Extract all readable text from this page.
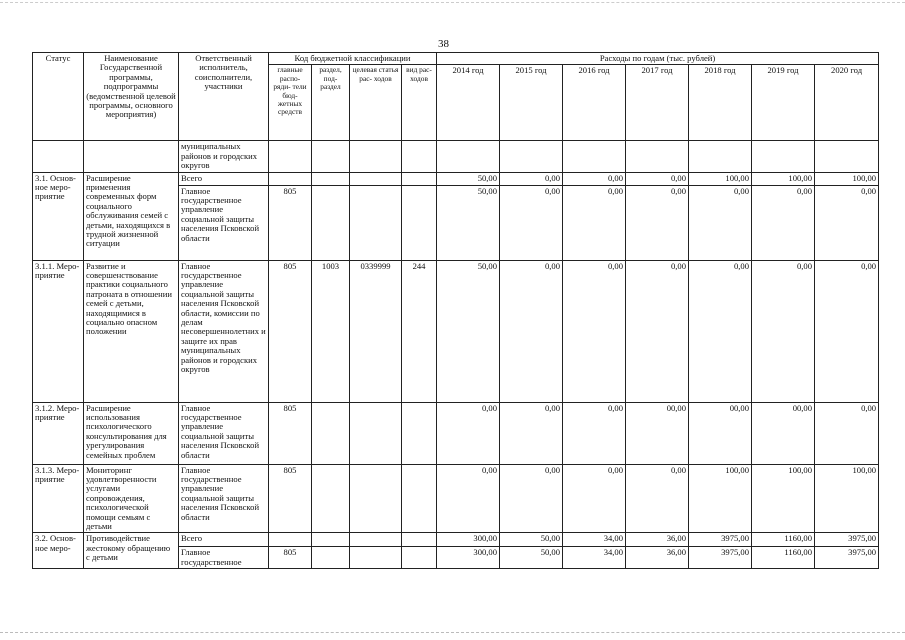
38
Статус	Наименование Государственной программы, подпрограммы (ведомственной целевой программы, основного мероприятия)	Ответственный исполнитель, соисполнители, участники	Код бюджетной классификации				Расходы по годам (тыс. рублей)						
			главные распо- ряди- тели бюд- жетных средств	раздел, под- раздел	целевая статья рас- ходов	вид рас- ходов	2014 год	2015 год	2016 год	2017 год	2018 год	2019 год	2020 год
		муниципальных районов и городских округов											
3.1. Основ- ное меро- приятие	Расширение применения современных форм социального обслуживания семей с детьми, находящихся в трудной жизненной ситуации	Всего					50,00	0,00	0,00	0,00	100,00	100,00	100,00
		Главное государственное управление социальной защиты населения Псковской области	805				50,00	0,00	0,00	0,00	0,00	0,00	0,00
3.1.1. Меро- приятие	Развитие и совершенствование практики социального патроната в отношении семей с детьми, находящимися в социально опасном положении	Главное государственное управление социальной защиты населения Псковской области, комиссии по делам несовершеннолетних и защите их прав муниципальных районов и городских округов	805	1003	0339999	244	50,00	0,00	0,00	0,00	0,00	0,00	0,00
3.1.2. Меро- приятие	Расширение использования психологического консультирования для урегулирования семейных проблем	Главное государственное управление социальной защиты населения Псковской области	805				0,00	0,00	0,00	00,00	00,00	00,00	0,00
3.1.3. Меро- приятие	Мониторинг удовлетворенности услугами сопровождения, психологической помощи семьям с детьми	Главное государственное управление социальной защиты населения Псковской области	805				0,00	0,00	0,00	0,00	100,00	100,00	100,00
3.2. Основ- ное меро-	Противодействие жестокому обращению с детьми	Всего					300,00	50,00	34,00	36,00	3975,00	1160,00	3975,00
		Главное государственное	805				300,00	50,00	34,00	36,00	3975,00	1160,00	3975,00
